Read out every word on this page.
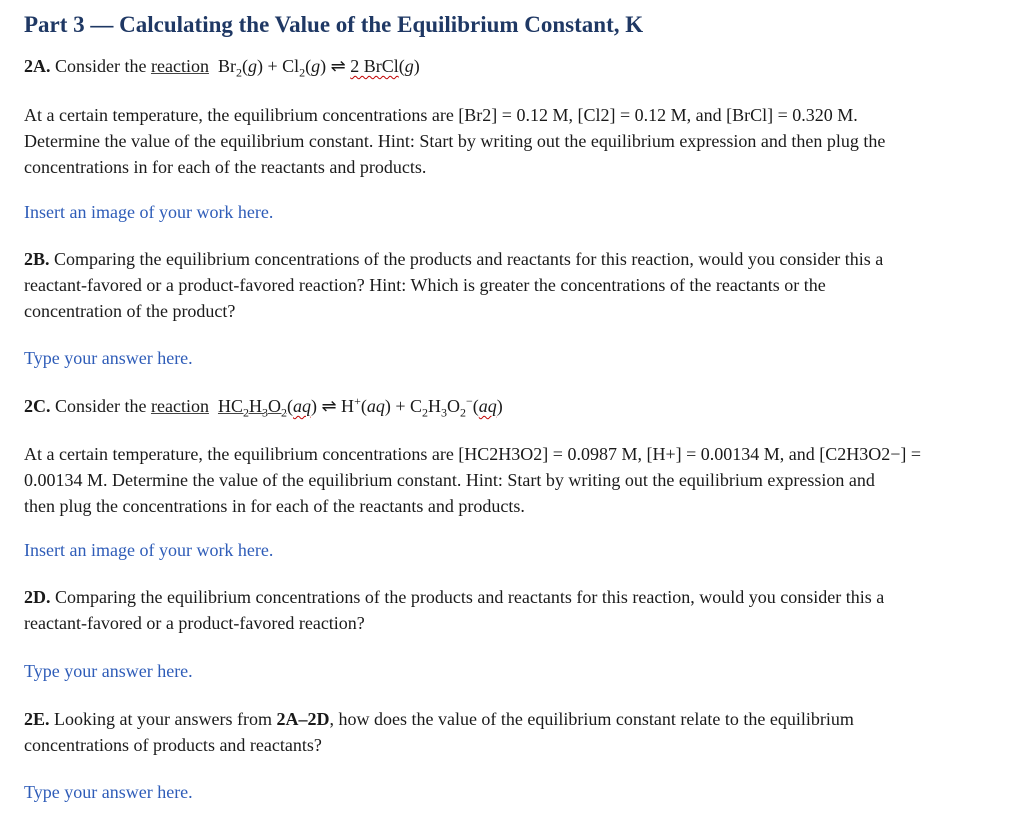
Part 3 — Calculating the Value of the Equilibrium Constant, K
2A. Consider the reaction $Br_2(g) + Cl_2(g)$ ⇌ 2 BrCl(g)
At a certain temperature, the equilibrium concentrations are [Br2] = 0.12 M, [Cl2] = 0.12 M, and [BrCl] = 0.320 M.
Determine the value of the equilibrium constant. Hint: Start by writing out the equilibrium expression and then plug the
concentrations in for each of the reactants and products.
Insert an image of your work here.
2B. Comparing the equilibrium concentrations of the products and reactants for this reaction, would you consider this a
reactant-favored or a product-favored reaction? Hint: Which is greater the concentrations of the reactants or the
concentration of the product?
Type your answer here.
2C. Consider the reaction $HC_2H_3O_2(aq)$ ⇌ $H^+(aq) + C_2H_3O_2^-(aq)$
At a certain temperature, the equilibrium concentrations are [HC2H3O2] = 0.0987 M, [H+] = 0.00134 M, and [C2H3O2−] =
0.00134 M. Determine the value of the equilibrium constant. Hint: Start by writing out the equilibrium expression and
then plug the concentrations in for each of the reactants and products.
Insert an image of your work here.
2D. Comparing the equilibrium concentrations of the products and reactants for this reaction, would you consider this a
reactant-favored or a product-favored reaction?
Type your answer here.
2E. Looking at your answers from 2A–2D, how does the value of the equilibrium constant relate to the equilibrium
concentrations of products and reactants?
Type your answer here.
